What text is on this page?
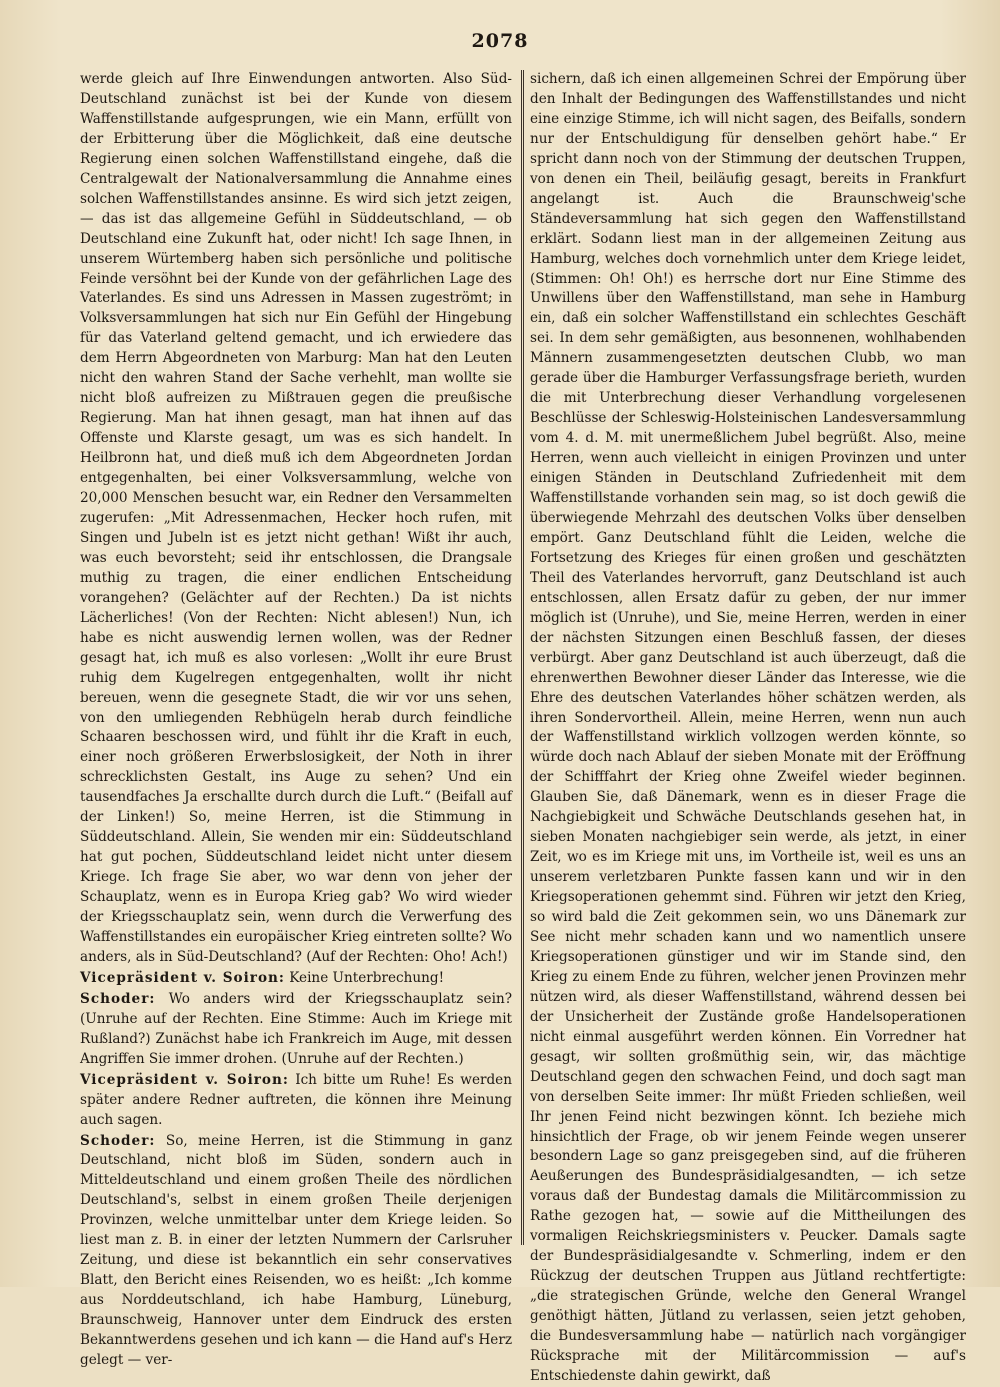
2078

werde gleich auf Ihre Einwendungen antworten. Also Süd-Deutschland zunächst ist bei der Kunde von diesem Waffenstillstande aufgesprungen, wie ein Mann, erfüllt von der Erbitterung über die Möglichkeit, daß eine deutsche Regierung einen solchen Waffenstillstand eingehe, daß die Centralgewalt der Nationalversammlung die Annahme eines solchen Waffenstillstandes ansinne. Es wird sich jetzt zeigen, — das ist das allgemeine Gefühl in Süddeutschland, — ob Deutschland eine Zukunft hat, oder nicht! Ich sage Ihnen, in unserem Würtemberg haben sich persönliche und politische Feinde versöhnt bei der Kunde von der gefährlichen Lage des Vaterlandes. Es sind uns Adressen in Massen zugeströmt; in Volksversammlungen hat sich nur Ein Gefühl der Hingebung für das Vaterland geltend gemacht, und ich erwiedere das dem Herrn Abgeordneten von Marburg: Man hat den Leuten nicht den wahren Stand der Sache verhehlt, man wollte sie nicht bloß aufreizen zu Mißtrauen gegen die preußische Regierung. Man hat ihnen gesagt, man hat ihnen auf das Offenste und Klarste gesagt, um was es sich handelt. In Heilbronn hat, und dieß muß ich dem Abgeordneten Jordan entgegenhalten, bei einer Volksversammlung, welche von 20,000 Menschen besucht war, ein Redner den Versammelten zugerufen: „Mit Adressenmachen, Hecker hoch rufen, mit Singen und Jubeln ist es jetzt nicht gethan! Wißt ihr auch, was euch bevorsteht; seid ihr entschlossen, die Drangsale muthig zu tragen, die einer endlichen Entscheidung vorangehen? (Gelächter auf der Rechten.) Da ist nichts Lächerliches! (Von der Rechten: Nicht ablesen!) Nun, ich habe es nicht auswendig lernen wollen, was der Redner gesagt hat, ich muß es also vorlesen: „Wollt ihr eure Brust ruhig dem Kugelregen entgegenhalten, wollt ihr nicht bereuen, wenn die gesegnete Stadt, die wir vor uns sehen, von den umliegenden Rebhügeln herab durch feindliche Schaaren beschossen wird, und fühlt ihr die Kraft in euch, einer noch größeren Erwerbslosigkeit, der Noth in ihrer schrecklichsten Gestalt, ins Auge zu sehen? Und ein tausendfaches Ja erschallte durch durch die Luft.“ (Beifall auf der Linken!) So, meine Herren, ist die Stimmung in Süddeutschland. Allein, Sie wenden mir ein: Süddeutschland hat gut pochen, Süddeutschland leidet nicht unter diesem Kriege. Ich frage Sie aber, wo war denn von jeher der Schauplatz, wenn es in Europa Krieg gab? Wo wird wieder der Kriegsschauplatz sein, wenn durch die Verwerfung des Waffenstillstandes ein europäischer Krieg eintreten sollte? Wo anders, als in Süd-Deutschland? (Auf der Rechten: Oho! Ach!)

Vicepräsident v. Soiron: Keine Unterbrechung!

Schoder: Wo anders wird der Kriegsschauplatz sein? (Unruhe auf der Rechten. Eine Stimme: Auch im Kriege mit Rußland?) Zunächst habe ich Frankreich im Auge, mit dessen Angriffen Sie immer drohen. (Unruhe auf der Rechten.)

Vicepräsident v. Soiron: Ich bitte um Ruhe! Es werden später andere Redner auftreten, die können ihre Meinung auch sagen.

Schoder: So, meine Herren, ist die Stimmung in ganz Deutschland, nicht bloß im Süden, sondern auch in Mitteldeutschland und einem großen Theile des nördlichen Deutschland's, selbst in einem großen Theile derjenigen Provinzen, welche unmittelbar unter dem Kriege leiden. So liest man z. B. in einer der letzten Nummern der Carlsruher Zeitung, und diese ist bekanntlich ein sehr conservatives Blatt, den Bericht eines Reisenden, wo es heißt: „Ich komme aus Norddeutschland, ich habe Hamburg, Lüneburg, Braunschweig, Hannover unter dem Eindruck des ersten Bekanntwerdens gesehen und ich kann — die Hand auf's Herz gelegt — ver-

sichern, daß ich einen allgemeinen Schrei der Empörung über den Inhalt der Bedingungen des Waffenstillstandes und nicht eine einzige Stimme, ich will nicht sagen, des Beifalls, sondern nur der Entschuldigung für denselben gehört habe.“ Er spricht dann noch von der Stimmung der deutschen Truppen, von denen ein Theil, beiläufig gesagt, bereits in Frankfurt angelangt ist. Auch die Braunschweig'sche Ständeversammlung hat sich gegen den Waffenstillstand erklärt. Sodann liest man in der allgemeinen Zeitung aus Hamburg, welches doch vornehmlich unter dem Kriege leidet, (Stimmen: Oh! Oh!) es herrsche dort nur Eine Stimme des Unwillens über den Waffenstillstand, man sehe in Hamburg ein, daß ein solcher Waffenstillstand ein schlechtes Geschäft sei. In dem sehr gemäßigten, aus besonnenen, wohlhabenden Männern zusammengesetzten deutschen Clubb, wo man gerade über die Hamburger Verfassungsfrage berieth, wurden die mit Unterbrechung dieser Verhandlung vorgelesenen Beschlüsse der Schleswig-Holsteinischen Landesversammlung vom 4. d. M. mit unermeßlichem Jubel begrüßt. Also, meine Herren, wenn auch vielleicht in einigen Provinzen und unter einigen Ständen in Deutschland Zufriedenheit mit dem Waffenstillstande vorhanden sein mag, so ist doch gewiß die überwiegende Mehrzahl des deutschen Volks über denselben empört. Ganz Deutschland fühlt die Leiden, welche die Fortsetzung des Krieges für einen großen und geschätzten Theil des Vaterlandes hervorruft, ganz Deutschland ist auch entschlossen, allen Ersatz dafür zu geben, der nur immer möglich ist (Unruhe), und Sie, meine Herren, werden in einer der nächsten Sitzungen einen Beschluß fassen, der dieses verbürgt. Aber ganz Deutschland ist auch überzeugt, daß die ehrenwerthen Bewohner dieser Länder das Interesse, wie die Ehre des deutschen Vaterlandes höher schätzen werden, als ihren Sondervortheil. Allein, meine Herren, wenn nun auch der Waffenstillstand wirklich vollzogen werden könnte, so würde doch nach Ablauf der sieben Monate mit der Eröffnung der Schifffahrt der Krieg ohne Zweifel wieder beginnen. Glauben Sie, daß Dänemark, wenn es in dieser Frage die Nachgiebigkeit und Schwäche Deutschlands gesehen hat, in sieben Monaten nachgiebiger sein werde, als jetzt, in einer Zeit, wo es im Kriege mit uns, im Vortheile ist, weil es uns an unserem verletzbaren Punkte fassen kann und wir in den Kriegsoperationen gehemmt sind. Führen wir jetzt den Krieg, so wird bald die Zeit gekommen sein, wo uns Dänemark zur See nicht mehr schaden kann und wo namentlich unsere Kriegsoperationen günstiger und wir im Stande sind, den Krieg zu einem Ende zu führen, welcher jenen Provinzen mehr nützen wird, als dieser Waffenstillstand, während dessen bei der Unsicherheit der Zustände große Handelsoperationen nicht einmal ausgeführt werden können. Ein Vorredner hat gesagt, wir sollten großmüthig sein, wir, das mächtige Deutschland gegen den schwachen Feind, und doch sagt man von derselben Seite immer: Ihr müßt Frieden schließen, weil Ihr jenen Feind nicht bezwingen könnt. Ich beziehe mich hinsichtlich der Frage, ob wir jenem Feinde wegen unserer besondern Lage so ganz preisgegeben sind, auf die früheren Aeußerungen des Bundespräsidialgesandten, — ich setze voraus daß der Bundestag damals die Militärcommission zu Rathe gezogen hat, — sowie auf die Mittheilungen des vormaligen Reichskriegsministers v. Peucker. Damals sagte der Bundespräsidialgesandte v. Schmerling, indem er den Rückzug der deutschen Truppen aus Jütland rechtfertigte: „die strategischen Gründe, welche den General Wrangel genöthigt hätten, Jütland zu verlassen, seien jetzt gehoben, die Bundesversammlung habe — natürlich nach vorgängiger Rücksprache mit der Militärcommission — auf's Entschiedenste dahin gewirkt, daß
